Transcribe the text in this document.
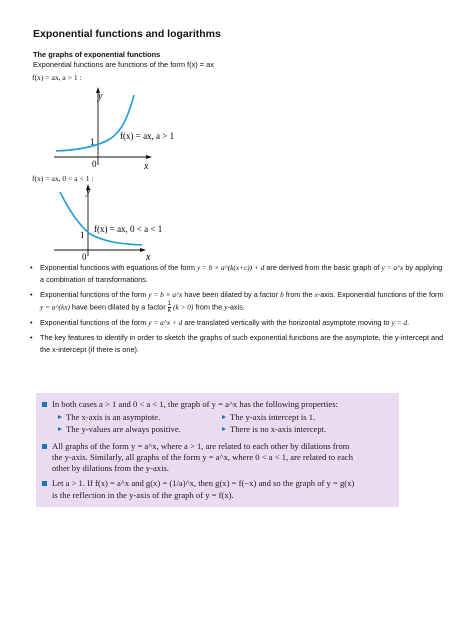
Exponential functions and logarithms
The graphs of exponential functions
Exponential functions are functions of the form f(x) = ax
f(x) = ax, a > 1 :
y
x
0
1
f(x) = ax, a > 1
f(x) = ax, 0 < a < 1 :
y
x
0
1
f(x) = ax, 0 < a < 1
• Exponential functions with equations of the form y = b × a^(k(x+c)) + d are derived from the basic graph of y = a^x by applying a combination of transformations.
• Exponential functions of the form y = b × a^x have been dilated by a factor b from the x-axis. Exponential functions of the form y = a^(kx) have been dilated by a factor $\frac{1}{k} (k > 0)$ from the y-axis.
• Exponential functions of the form y = a^x + d are translated vertically with the horizontal asymptote moving to y = d.
• The key features to identify in order to sketch the graphs of such exponential functions are the asymptote, the y-intercept and the x-intercept (if there is one).
In both cases a > 1 and 0 < a < 1, the graph of y = a^x has the following properties:
The x-axis is an asymptote.	The y-axis intercept is 1.
The y-values are always positive.	There is no x-axis intercept.
All graphs of the form y = a^x, where a > 1, are related to each other by dilations from
the y-axis. Similarly, all graphs of the form y = a^x, where 0 < a < 1, are related to each
other by dilations from the y-axis.
Let a > 1. If f(x) = a^x and g(x) = (1/a)^x, then g(x) = f(−x) and so the graph of y = g(x)
is the reflection in the y-axis of the graph of y = f(x).
